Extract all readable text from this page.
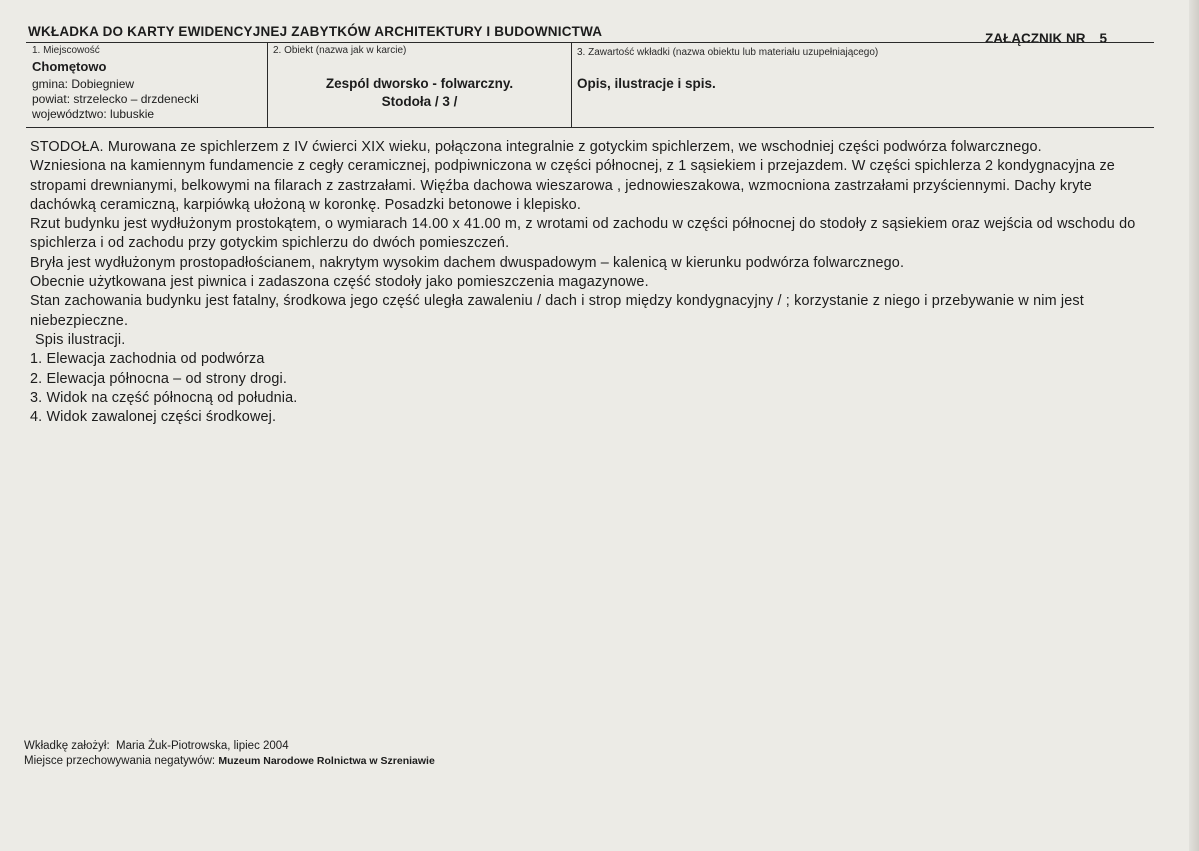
WKŁADKA DO KARTY EWIDENCYJNEJ ZABYTKÓW ARCHITEKTURY I BUDOWNICTWA	ZAŁĄCZNIK NR 5
1. Miejscowość
Chomętowo
gmina: Dobiegniew
powiat: strzelecko – drzdenecki
województwo: lubuskie
2. Obiekt (nazwa jak w karcie)
Zespól dworsko - folwarczny.
Stodoła / 3 /
3. Zawartość wkładki (nazwa obiektu lub materiału uzupełniającego)
Opis, ilustracje i spis.

STODOŁA. Murowana ze spichlerzem z IV ćwierci XIX wieku, połączona integralnie z gotyckim spichlerzem, we wschodniej części podwórza folwarcznego.

Wzniesiona na kamiennym fundamencie z cegły ceramicznej, podpiwniczona w części północnej, z 1 sąsiekiem i przejazdem. W części spichlerza 2 kondygnacyjna ze stropami drewnianymi, belkowymi na filarach z zastrzałami. Więźba dachowa wieszarowa , jednowieszakowa, wzmocniona zastrzałami przyściennymi. Dachy kryte dachówką ceramiczną, karpiówką ułożoną w koronkę. Posadzki betonowe i klepisko.

Rzut budynku jest wydłużonym prostokątem, o wymiarach 14.00 x 41.00 m, z wrotami od zachodu w części północnej do stodoły z sąsiekiem oraz wejścia od wschodu do spichlerza i od zachodu przy gotyckim spichlerzu do dwóch pomieszczeń.

Bryła jest wydłużonym prostopadłościanem, nakrytym wysokim dachem dwuspadowym – kalenicą w kierunku podwórza folwarcznego.

Obecnie użytkowana jest piwnica i zadaszona część stodoły jako pomieszczenia magazynowe.

Stan zachowania budynku jest fatalny, środkowa jego część uległa zawaleniu / dach i strop między kondygnacyjny / ; korzystanie z niego i przebywanie w nim jest niebezpieczne.

Spis ilustracji.

1. Elewacja zachodnia od podwórza

2. Elewacja północna – od strony drogi.

3. Widok na część północną od południa.

4. Widok zawalonej części środkowej.

Wkładkę założył: Maria Żuk-Piotrowska, lipiec 2004
Miejsce przechowywania negatywów: Muzeum Narodowe Rolnictwa w Szreniawie
